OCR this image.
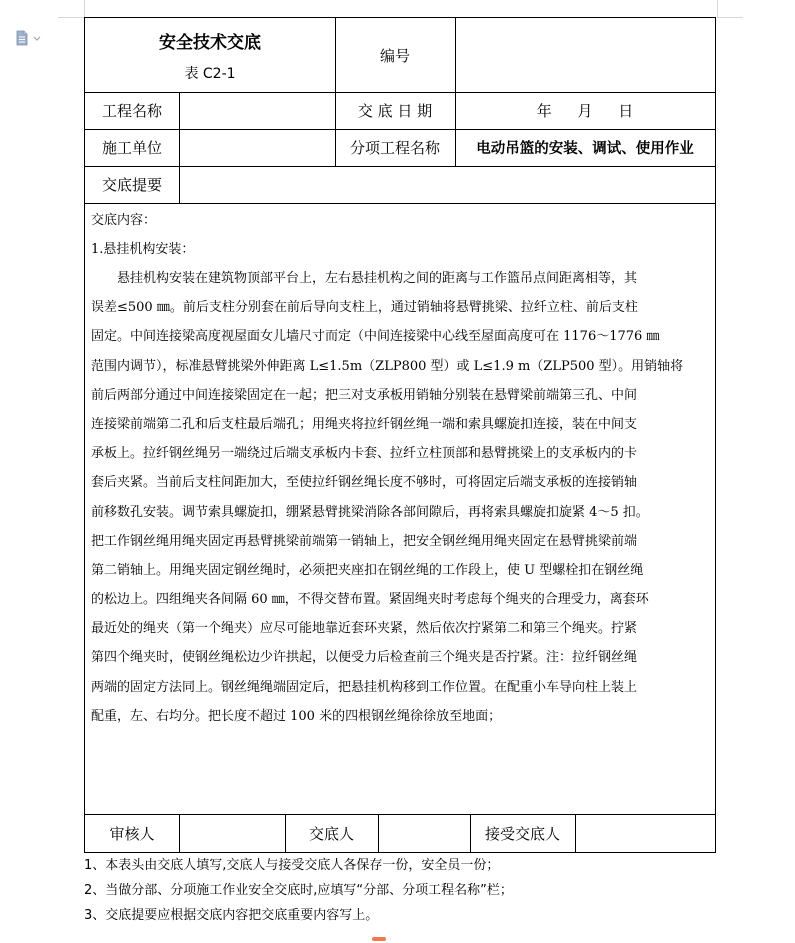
安全技术交底
表 C2-1
编号
工程名称	交 底 日 期	年　 月　 日
施工单位	分项工程名称	电动吊篮的安装、调试、使用作业
交底提要
交底内容：
1.悬挂机构安装：
　　悬挂机构安装在建筑物顶部平台上，左右悬挂机构之间的距离与工作篮吊点间距离相等，其
误差≤500 ㎜。前后支柱分别套在前后导向支柱上，通过销轴将悬臂挑梁、拉纤立柱、前后支柱
固定。中间连接梁高度视屋面女儿墙尺寸而定（中间连接梁中心线至屋面高度可在 1176～1776 ㎜
范围内调节），标准悬臂挑梁外伸距离 L≤1.5m（ZLP800 型）或 L≤1.9 m（ZLP500 型）。用销轴将
前后两部分通过中间连接梁固定在一起；把三对支承板用销轴分别装在悬臂梁前端第三孔、中间
连接梁前端第二孔和后支柱最后端孔；用绳夹将拉纤钢丝绳一端和索具螺旋扣连接，装在中间支
承板上。拉纤钢丝绳另一端绕过后端支承板内卡套、拉纤立柱顶部和悬臂挑梁上的支承板内的卡
套后夹紧。当前后支柱间距加大，至使拉纤钢丝绳长度不够时，可将固定后端支承板的连接销轴
前移数孔安装。调节索具螺旋扣，绷紧悬臂挑梁消除各部间隙后，再将索具螺旋扣旋紧 4～5 扣。
把工作钢丝绳用绳夹固定再悬臂挑梁前端第一销轴上，把安全钢丝绳用绳夹固定在悬臂挑梁前端
第二销轴上。用绳夹固定钢丝绳时，必须把夹座扣在钢丝绳的工作段上，使 U 型螺栓扣在钢丝绳
的松边上。四组绳夹各间隔 60 ㎜，不得交替布置。紧固绳夹时考虑每个绳夹的合理受力，离套环
最近处的绳夹（第一个绳夹）应尽可能地靠近套环夹紧，然后依次拧紧第二和第三个绳夹。拧紧
第四个绳夹时，使钢丝绳松边少许拱起，以便受力后检查前三个绳夹是否拧紧。注：拉纤钢丝绳
两端的固定方法同上。钢丝绳绳端固定后，把悬挂机构移到工作位置。在配重小车导向柱上装上
配重，左、右均分。把长度不超过 100 米的四根钢丝绳徐徐放至地面；
审核人	交底人	接受交底人
1、本表头由交底人填写,交底人与接受交底人各保存一份，安全员一份；
2、当做分部、分项施工作业安全交底时,应填写“分部、分项工程名称”栏；
3、交底提要应根据交底内容把交底重要内容写上。
